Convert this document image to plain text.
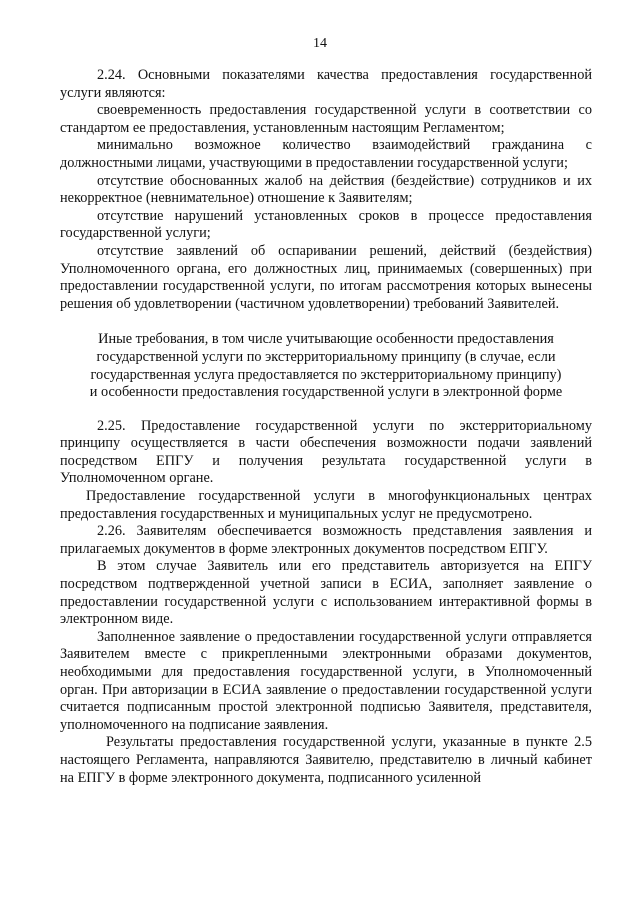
14

2.24. Основными показателями качества предоставления государственной услуги являются:

своевременность предоставления государственной услуги в соответствии со стандартом ее предоставления, установленным настоящим Регламентом;

минимально возможное количество взаимодействий гражданина с должностными лицами, участвующими в предоставлении государственной услуги;

отсутствие обоснованных жалоб на действия (бездействие) сотрудников и их некорректное (невнимательное) отношение к Заявителям;

отсутствие нарушений установленных сроков в процессе предоставления государственной услуги;

отсутствие заявлений об оспаривании решений, действий (бездействия) Уполномоченного органа, его должностных лиц, принимаемых (совершенных) при предоставлении государственной услуги, по итогам рассмотрения которых вынесены решения об удовлетворении (частичном удовлетворении) требований Заявителей.

Иные требования, в том числе учитывающие особенности предоставления
государственной услуги по экстерриториальному принципу (в случае, если
государственная услуга предоставляется по экстерриториальному принципу)
и особенности предоставления государственной услуги в электронной форме

2.25. Предоставление государственной услуги по экстерриториальному принципу осуществляется в части обеспечения возможности подачи заявлений посредством ЕПГУ и получения результата государственной услуги в Уполномоченном органе.

Предоставление государственной услуги в многофункциональных центрах предоставления государственных и муниципальных услуг не предусмотрено.

2.26. Заявителям обеспечивается возможность представления заявления и прилагаемых документов в форме электронных документов посредством ЕПГУ.

В этом случае Заявитель или его представитель авторизуется на ЕПГУ посредством подтвержденной учетной записи в ЕСИА, заполняет заявление о предоставлении государственной услуги с использованием интерактивной формы в электронном виде.

Заполненное заявление о предоставлении государственной услуги отправляется Заявителем вместе с прикрепленными электронными образами документов, необходимыми для предоставления государственной услуги, в Уполномоченный орган. При авторизации в ЕСИА заявление о предоставлении государственной услуги считается подписанным простой электронной подписью Заявителя, представителя, уполномоченного на подписание заявления.

Результаты предоставления государственной услуги, указанные в пункте 2.5 настоящего Регламента, направляются Заявителю, представителю в личный кабинет на ЕПГУ в форме электронного документа, подписанного усиленной
